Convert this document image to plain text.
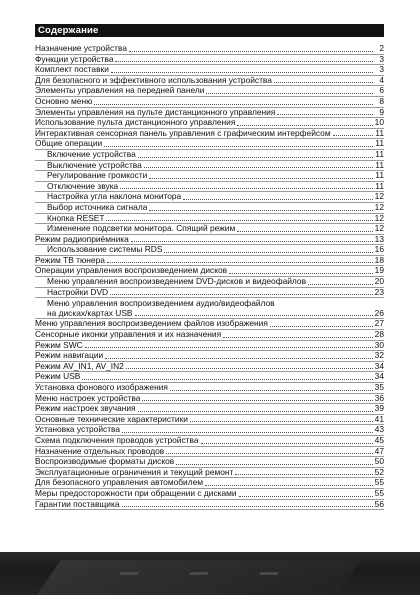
Содержание
Назначение устройства	2
Функции устройства	3
Комплект поставки	3
Для безопасного и эффективного использования устройства	4
Элементы управления на передней панели	6
Основно меню	8
Элементы управления на пульте дистанционного управления	9
Использование пульта дистанционного управления	10
Интерактивная сенсорная панель управления с графическим интерфейсом	11
Общие операции	11
Включение устройства	11
Выключение устройства	11
Регулирование громкости	11
Отключение звука	11
Настройка угла наклона монитора	12
Выбор источника сигнала	12
Кнопка RESET	12
Изменение подсветки монитора. Спящий режим	12
Режим радиоприёмника	13
Использование системы RDS	16
Режим ТВ тюнера	18
Операции управления воспроизведением дисков	19
Меню управления воспроизведением DVD-дисков и видеофайлов	20
Настройки DVD	23
Меню управления воспроизведением аудио/видеофайлов
на дисках/картах USB	26
Меню управления воспроизведением файлов изображения	27
Сенсорные иконки управления и их назначения	28
Режим SWC	30
Режим навигации	32
Режим AV_IN1, AV_IN2	34
Режим USB	34
Установка фонового изображения	35
Меню настроек устройства	36
Режим настроек звучания	39
Основные технические характеристики	41
Установка устройства	43
Схема подключения проводов устройства	45
Назначение отдельных проводов	47
Воспроизводимые форматы дисков	50
Эксплуатационные ограничения и текущий ремонт	52
Для безопасного управления автомобилем	55
Меры предосторожности при обращении с дисками	55
Гарантии поставщика	56
